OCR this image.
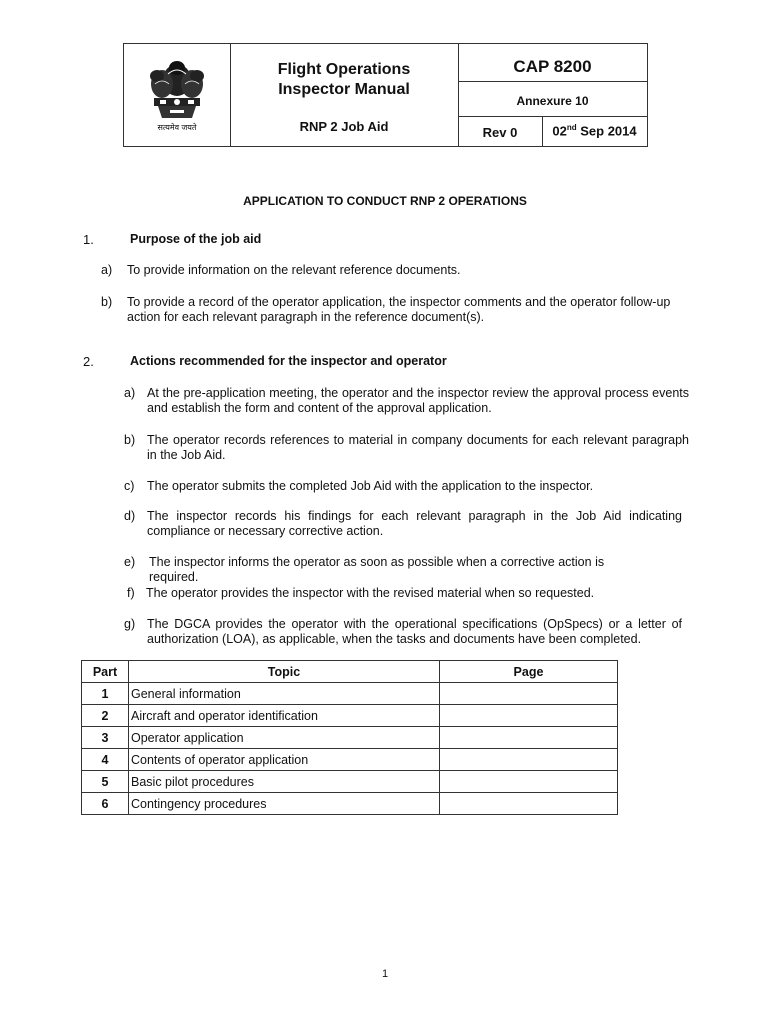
सत्यमेव जयते
Flight Operations
Inspector Manual
RNP 2 Job Aid
CAP 8200
Annexure 10
Rev 0	02nd Sep 2014
APPLICATION TO CONDUCT RNP 2 OPERATIONS
1.	Purpose of the job aid
a) To provide information on the relevant reference documents.
b) To provide a record of the operator application, the inspector comments and the operator follow-up action for each relevant paragraph in the reference document(s).
2.	Actions recommended for the inspector and operator
a) At the pre-application meeting, the operator and the inspector review the approval process events and establish the form and content of the approval application.
b) The operator records references to material in company documents for each relevant paragraph in the Job Aid.
c) The operator submits the completed Job Aid with the application to the inspector.
d) The inspector records his findings for each relevant paragraph in the Job Aid indicating compliance or necessary corrective action.
e) The inspector informs the operator as soon as possible when a corrective action is required.
f) The operator provides the inspector with the revised material when so requested.
g) The DGCA provides the operator with the operational specifications (OpSpecs) or a letter of authorization (LOA), as applicable, when the tasks and documents have been completed.
Part	Topic	Page
1	General information	
2	Aircraft and operator identification	
3	Operator application	
4	Contents of operator application	
5	Basic pilot procedures	
6	Contingency procedures	
1
